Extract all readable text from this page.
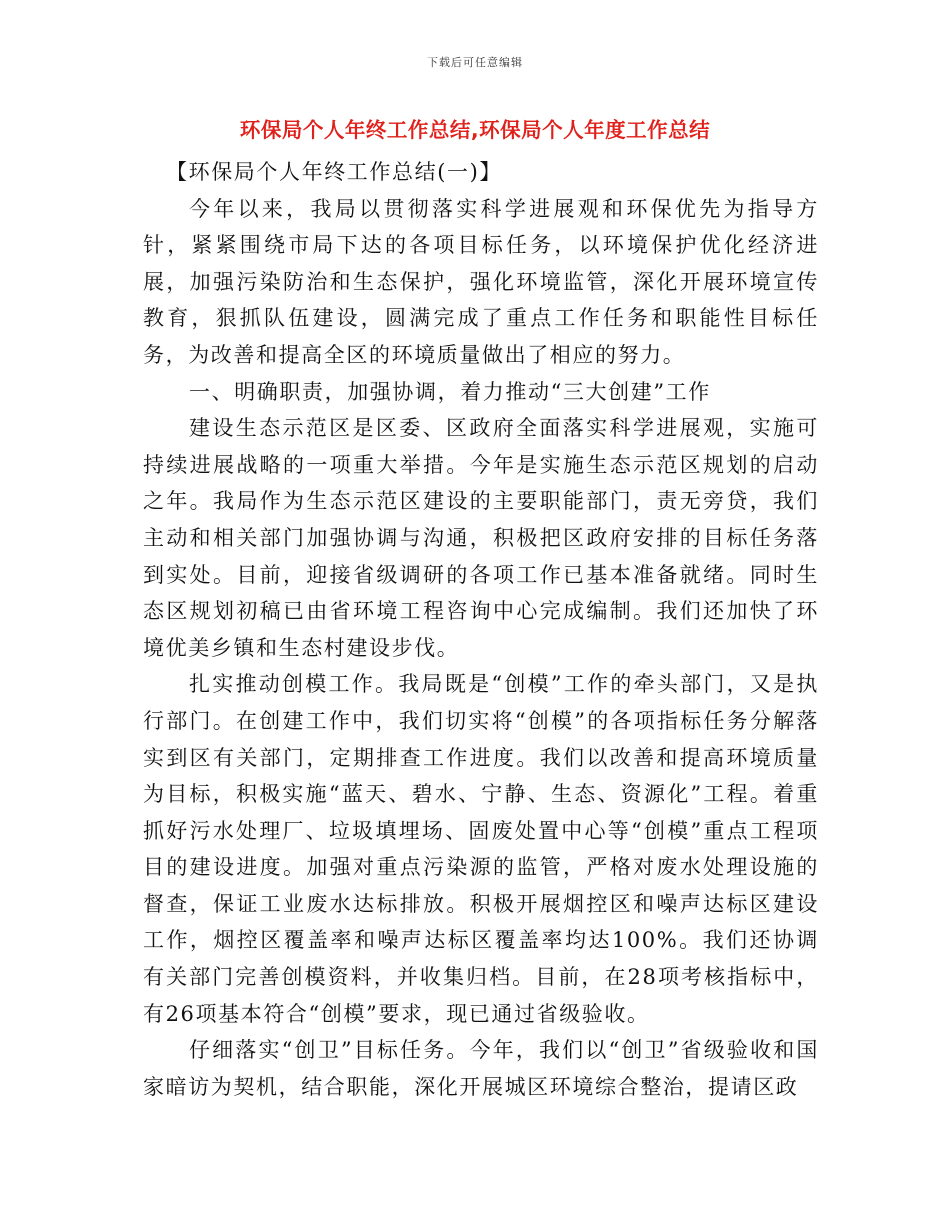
下载后可任意编辑
环保局个人年终工作总结,环保局个人年度工作总结

【环保局个人年终工作总结(一)】

今年以来，我局以贯彻落实科学进展观和环保优先为指导方针，紧紧围绕市局下达的各项目标任务，以环境保护优化经济进展，加强污染防治和生态保护，强化环境监管，深化开展环境宣传教育，狠抓队伍建设，圆满完成了重点工作任务和职能性目标任务，为改善和提高全区的环境质量做出了相应的努力。

一、明确职责，加强协调，着力推动“三大创建”工作

建设生态示范区是区委、区政府全面落实科学进展观，实施可持续进展战略的一项重大举措。今年是实施生态示范区规划的启动之年。我局作为生态示范区建设的主要职能部门，责无旁贷，我们主动和相关部门加强协调与沟通，积极把区政府安排的目标任务落到实处。目前，迎接省级调研的各项工作已基本准备就绪。同时生态区规划初稿已由省环境工程咨询中心完成编制。我们还加快了环境优美乡镇和生态村建设步伐。

扎实推动创模工作。我局既是“创模”工作的牵头部门，又是执行部门。在创建工作中，我们切实将“创模”的各项指标任务分解落实到区有关部门，定期排查工作进度。我们以改善和提高环境质量为目标，积极实施“蓝天、碧水、宁静、生态、资源化”工程。着重抓好污水处理厂、垃圾填埋场、固废处置中心等“创模”重点工程项目的建设进度。加强对重点污染源的监管，严格对废水处理设施的督查，保证工业废水达标排放。积极开展烟控区和噪声达标区建设工作，烟控区覆盖率和噪声达标区覆盖率均达100%。我们还协调有关部门完善创模资料，并收集归档。目前，在28项考核指标中，有26项基本符合“创模”要求，现已通过省级验收。

仔细落实“创卫”目标任务。今年，我们以“创卫”省级验收和国家暗访为契机，结合职能，深化开展城区环境综合整治，提请区政
